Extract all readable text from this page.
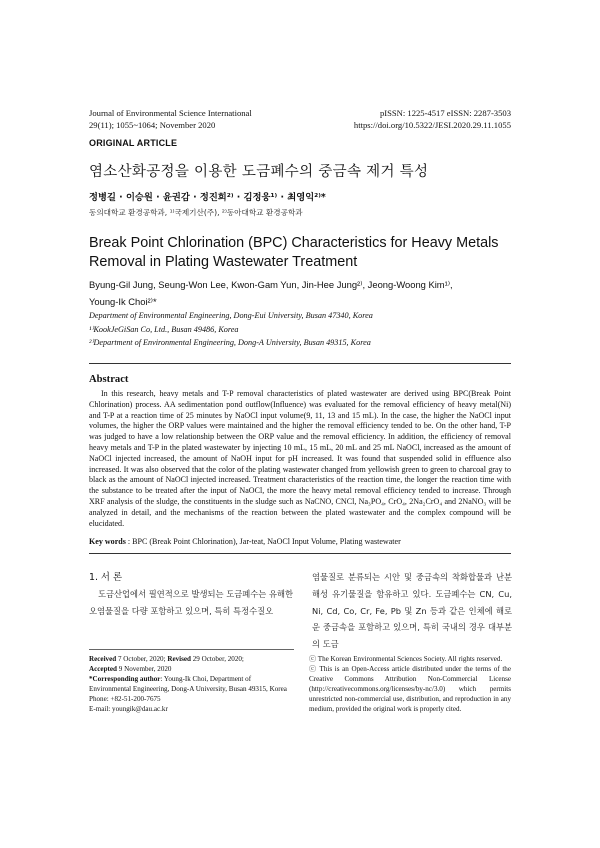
Journal of Environmental Science International
29(11); 1055~1064; November 2020
pISSN: 1225-4517 eISSN: 2287-3503
https://doi.org/10.5322/JESI.2020.29.11.1055
ORIGINAL ARTICLE
염소산화공정을 이용한 도금폐수의 중금속 제거 특성
정병길 · 이승원 · 윤권감 · 정진희²⁾ · 김정웅¹⁾ · 최영익²⁾*
동의대학교 환경공학과, ¹⁾국제기산(주), ²⁾동아대학교 환경공학과
Break Point Chlorination (BPC) Characteristics for Heavy Metals
Removal in Plating Wastewater Treatment
Byung-Gil Jung, Seung-Won Lee, Kwon-Gam Yun, Jin-Hee Jung²⁾, Jeong-Woong Kim¹⁾,
Young-Ik Choi²⁾*
Department of Environmental Engineering, Dong-Eui University, Busan 47340, Korea
¹⁾KookJeGiSan Co, Ltd., Busan 49486, Korea
²⁾Department of Environmental Engineering, Dong-A University, Busan 49315, Korea
Abstract

In this research, heavy metals and T-P removal characteristics of plated wastewater are derived using BPC(Break Point Chlorination) process. AA sedimentation pond outflow(Influence) was evaluated for the removal efficiency of heavy metal(Ni) and T-P at a reaction time of 25 minutes by NaOCl input volume(9, 11, 13 and 15 mL). In the case, the higher the NaOCl input volumes, the higher the ORP values were maintained and the higher the removal efficiency tended to be. On the other hand, T-P was judged to have a low relationship between the ORP value and the removal efficiency. In addition, the efficiency of removal heavy metals and T-P in the plated wastewater by injecting 10 mL, 15 mL, 20 mL and 25 mL NaOCl, increased as the amount of NaOCl injected increased, the amount of NaOH input for pH increased. It was found that suspended solid in effluence also increased. It was also observed that the color of the plating wastewater changed from yellowish green to green to charcoal gray to black as the amount of NaOCl injected increased. Treatment characteristics of the reaction time, the longer the reaction time with the substance to be treated after the input of NaOCl, the more the heavy metal removal efficiency tended to increase. Through XRF analysis of the sludge, the constituents in the sludge such as NaCNO, CNCl, Na₃PO₄, CrO₄, 2Na₂CrO₄ and 2NaNO₃ will be analyzed in detail, and the mechanisms of the reaction between the plated wastewater and the complex compound will be elucidated.

Key words : BPC (Break Point Chlorination), Jar-teat, NaOCl Input Volume, Plating wastewater
1. 서 론

도금산업에서 필연적으로 발생되는 도금폐수는 유해한 오염물질을 다량 포함하고 있으며, 특히 특정수질오

염물질로 분류되는 시안 및 중금속의 착화합물과 난분해성 유기물질을 함유하고 있다. 도금폐수는 CN, Cu, Ni, Cd, Co, Cr, Fe, Pb 및 Zn 등과 같은 인체에 해로운 중금속을 포함하고 있으며, 특히 국내의 경우 대부분의 도금

Received 7 October, 2020; Revised 29 October, 2020;
Accepted 9 November, 2020
*Corresponding author: Young-Ik Choi, Department of Environmental Engineering, Dong-A University, Busan 49315, Korea
Phone: +82-51-200-7675
E-mail: youngik@dau.ac.kr
ⓒ The Korean Environmental Sciences Society. All rights reserved.
ⓒ This is an Open-Access article distributed under the terms of the Creative Commons Attribution Non-Commercial License (http://creativecommons.org/licenses/by-nc/3.0) which permits unrestricted non-commercial use, distribution, and reproduction in any medium, provided the original work is properly cited.
